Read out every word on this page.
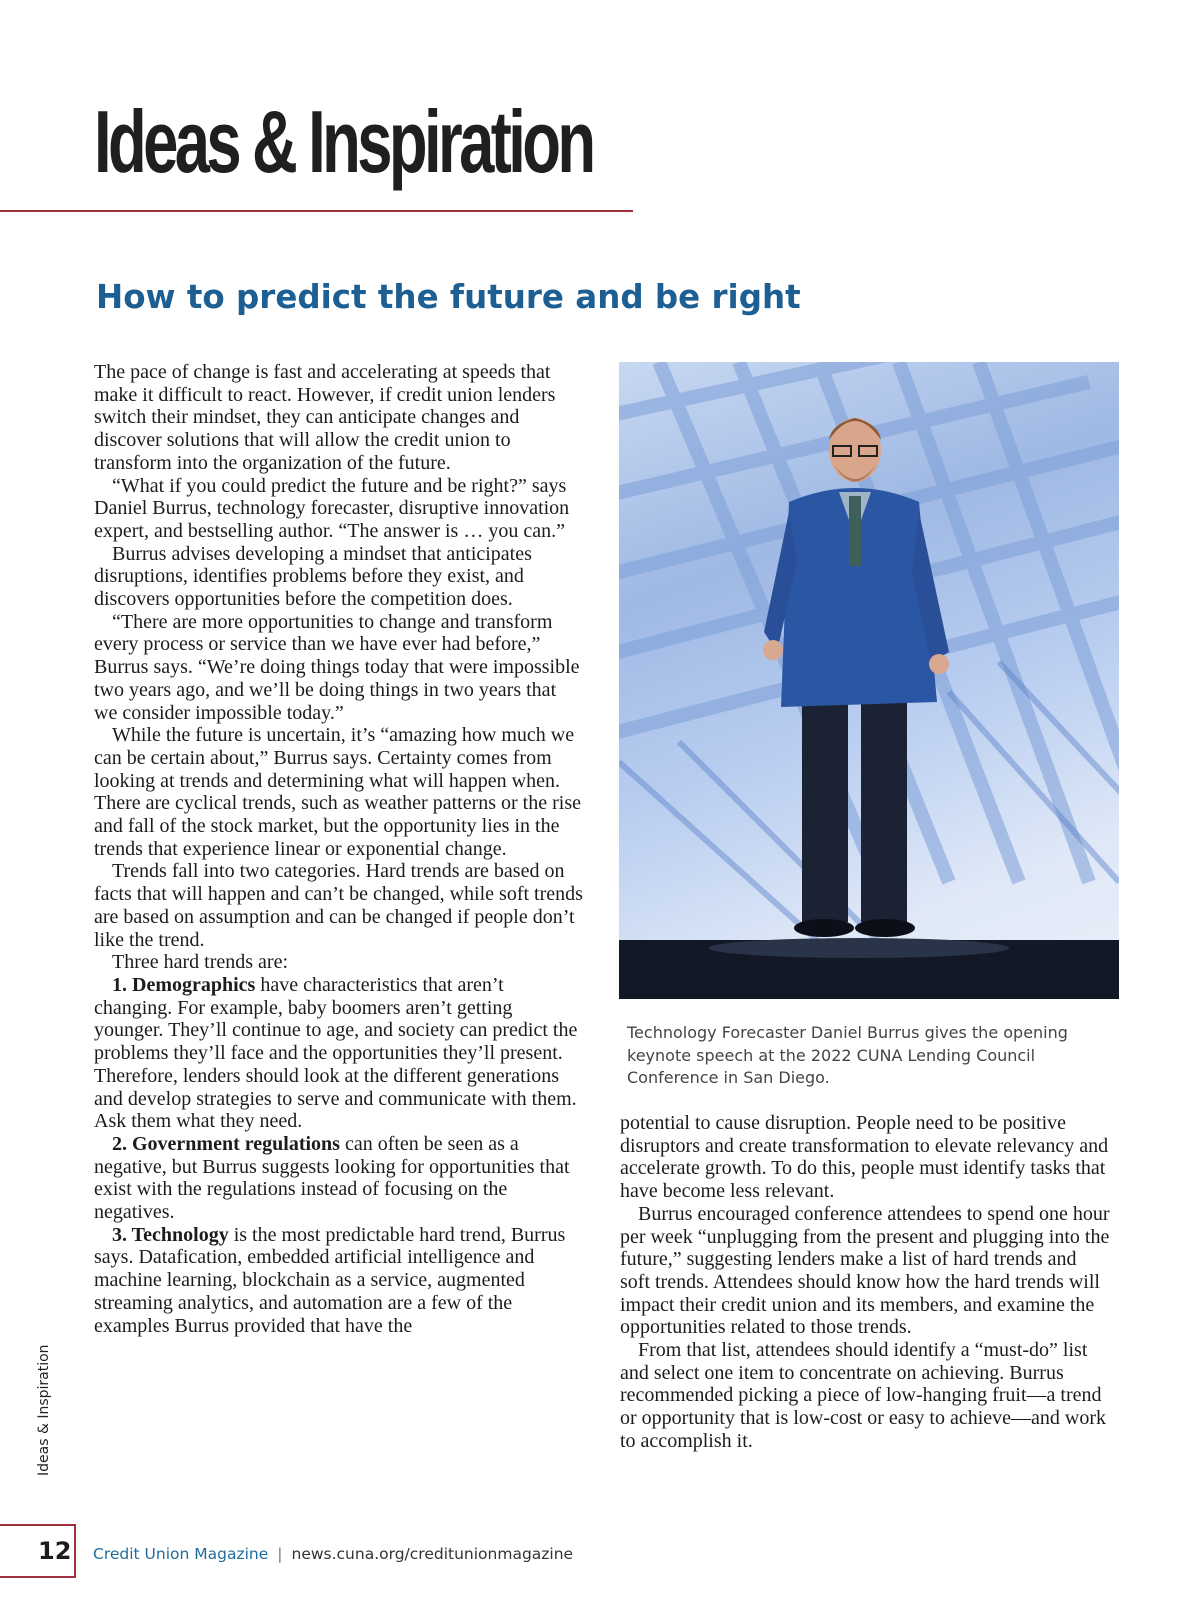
Ideas & Inspiration
How to predict the future and be right

The pace of change is fast and accelerating at speeds that make it difficult to react. However, if credit union lenders switch their mindset, they can anticipate changes and discover solutions that will allow the credit union to transform into the organization of the future.

“What if you could predict the future and be right?” says Daniel Burrus, technology forecaster, disruptive innovation expert, and bestselling author. “The answer is … you can.”

Burrus advises developing a mindset that anticipates disruptions, identifies problems before they exist, and discovers opportunities before the competition does.

“There are more opportunities to change and transform every process or service than we have ever had before,” Burrus says. “We’re doing things today that were impossible two years ago, and we’ll be doing things in two years that we consider impossible today.”

While the future is uncertain, it’s “amazing how much we can be certain about,” Burrus says. Certainty comes from looking at trends and determining what will happen when. There are cyclical trends, such as weather patterns or the rise and fall of the stock market, but the opportunity lies in the trends that experience linear or exponential change.

Trends fall into two categories. Hard trends are based on facts that will happen and can’t be changed, while soft trends are based on assumption and can be changed if people don’t like the trend.

Three hard trends are:

1. Demographics have characteristics that aren’t changing. For example, baby boomers aren’t getting younger. They’ll continue to age, and society can predict the problems they’ll face and the opportunities they’ll present. Therefore, lenders should look at the different generations and develop strategies to serve and communicate with them. Ask them what they need.

2. Government regulations can often be seen as a negative, but Burrus suggests looking for opportunities that exist with the regulations instead of focusing on the negatives.

3. Technology is the most predictable hard trend, Burrus says. Datafication, embedded artificial intelligence and machine learning, blockchain as a service, augmented streaming analytics, and automation are a few of the examples Burrus provided that have the

Technology Forecaster Daniel Burrus gives the opening keynote speech at the 2022 CUNA Lending Council Conference in San Diego.

potential to cause disruption. People need to be positive disruptors and create transformation to elevate relevancy and accelerate growth. To do this, people must identify tasks that have become less relevant.

Burrus encouraged conference attendees to spend one hour per week “unplugging from the present and plugging into the future,” suggesting lenders make a list of hard trends and soft trends. Attendees should know how the hard trends will impact their credit union and its members, and examine the opportunities related to those trends.

From that list, attendees should identify a “must-do” list and select one item to concentrate on achieving. Burrus recommended picking a piece of low-hanging fruit—a trend or opportunity that is low-cost or easy to achieve—and work to accomplish it.

Ideas & Inspiration
12 Credit Union Magazine | news.cuna.org/creditunionmagazine
